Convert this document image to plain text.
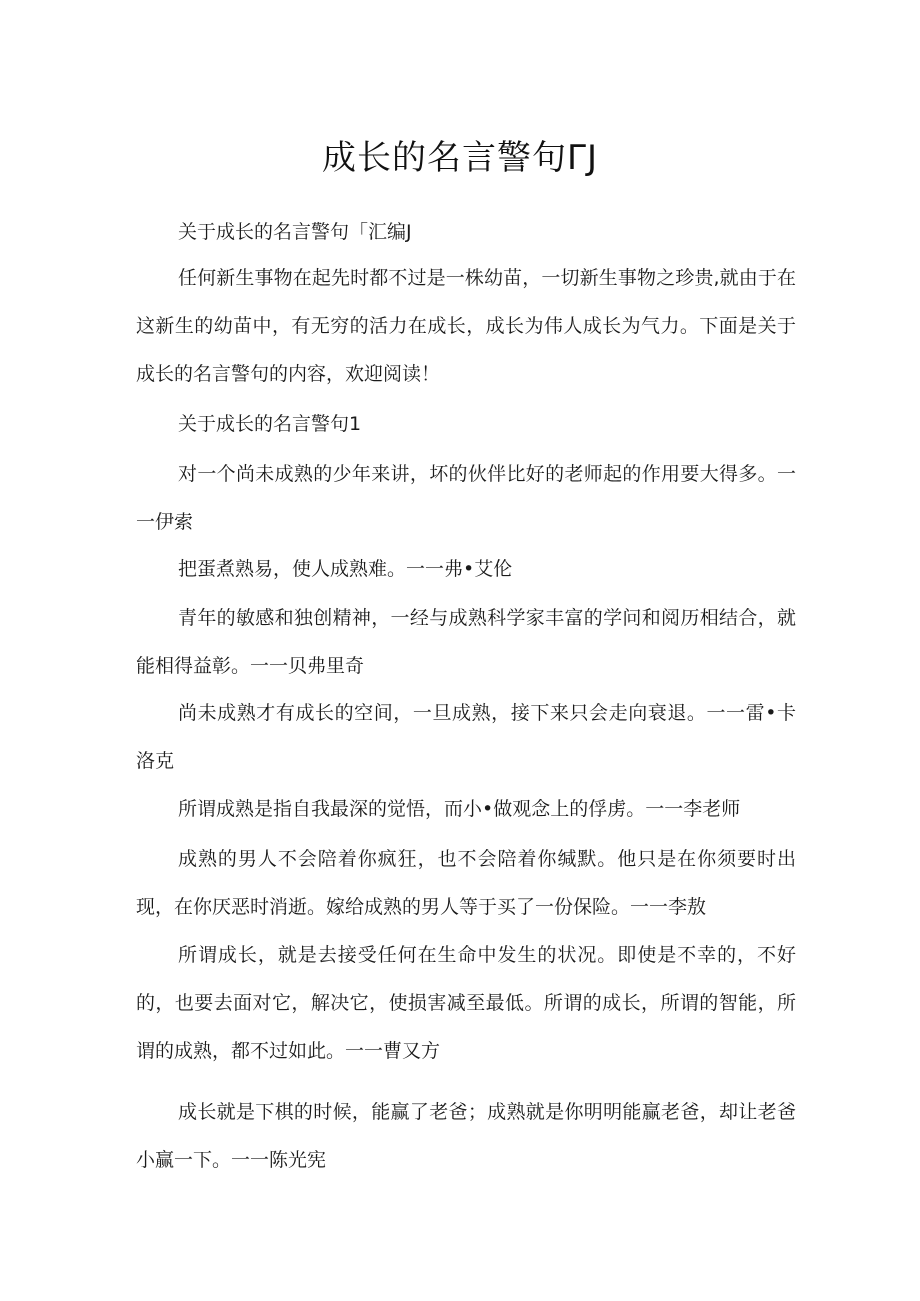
成长的名言警句ΓJ
关于成长的名言警句「汇编J
任何新生事物在起先时都不过是一株幼苗，一切新生事物之珍贵,就由于在这新生的幼苗中，有无穷的活力在成长，成长为伟人成长为气力。下面是关于成长的名言警句的内容，欢迎阅读！
关于成长的名言警句1
对一个尚未成熟的少年来讲，坏的伙伴比好的老师起的作用要大得多。一一伊索
把蛋煮熟易，使人成熟难。一一弗•艾伦
青年的敏感和独创精神，一经与成熟科学家丰富的学问和阅历相结合，就能相得益彰。一一贝弗里奇
尚未成熟才有成长的空间，一旦成熟，接下来只会走向衰退。一一雷•卡洛克
所谓成熟是指自我最深的觉悟，而小•做观念上的俘虏。一一李老师
成熟的男人不会陪着你疯狂，也不会陪着你缄默。他只是在你须要时出现，在你厌恶时消逝。嫁给成熟的男人等于买了一份保险。一一李敖
所谓成长，就是去接受任何在生命中发生的状况。即使是不幸的，不好的，也要去面对它，解决它，使损害减至最低。所谓的成长，所谓的智能，所谓的成熟，都不过如此。一一曹又方
成长就是下棋的时候，能赢了老爸；成熟就是你明明能赢老爸，却让老爸小赢一下。一一陈光宪
